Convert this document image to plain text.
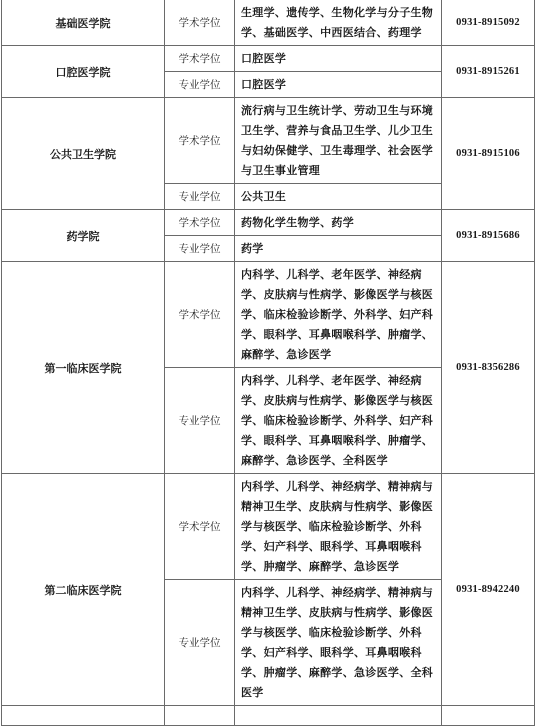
基础医学院	学术学位	生理学、遗传学、生物化学与分子生物学、基础医学、中西医结合、药理学	0931-8915092
口腔医学院	学术学位	口腔医学	0931-8915261
	专业学位	口腔医学	
公共卫生学院	学术学位	流行病与卫生统计学、劳动卫生与环境卫生学、营养与食品卫生学、儿少卫生与妇幼保健学、卫生毒理学、社会医学与卫生事业管理	0931-8915106
	专业学位	公共卫生	
药学院	学术学位	药物化学生物学、药学	0931-8915686
	专业学位	药学	
第一临床医学院	学术学位	内科学、儿科学、老年医学、神经病学、皮肤病与性病学、影像医学与核医学、临床检验诊断学、外科学、妇产科学、眼科学、耳鼻咽喉科学、肿瘤学、麻醉学、急诊医学	0931-8356286
	专业学位	内科学、儿科学、老年医学、神经病学、皮肤病与性病学、影像医学与核医学、临床检验诊断学、外科学、妇产科学、眼科学、耳鼻咽喉科学、肿瘤学、麻醉学、急诊医学、全科医学	
第二临床医学院	学术学位	内科学、儿科学、神经病学、精神病与精神卫生学、皮肤病与性病学、影像医学与核医学、临床检验诊断学、外科学、妇产科学、眼科学、耳鼻咽喉科学、肿瘤学、麻醉学、急诊医学	0931-8942240
	专业学位	内科学、儿科学、神经病学、精神病与精神卫生学、皮肤病与性病学、影像医学与核医学、临床检验诊断学、外科学、妇产科学、眼科学、耳鼻咽喉科学、肿瘤学、麻醉学、急诊医学、全科医学	
